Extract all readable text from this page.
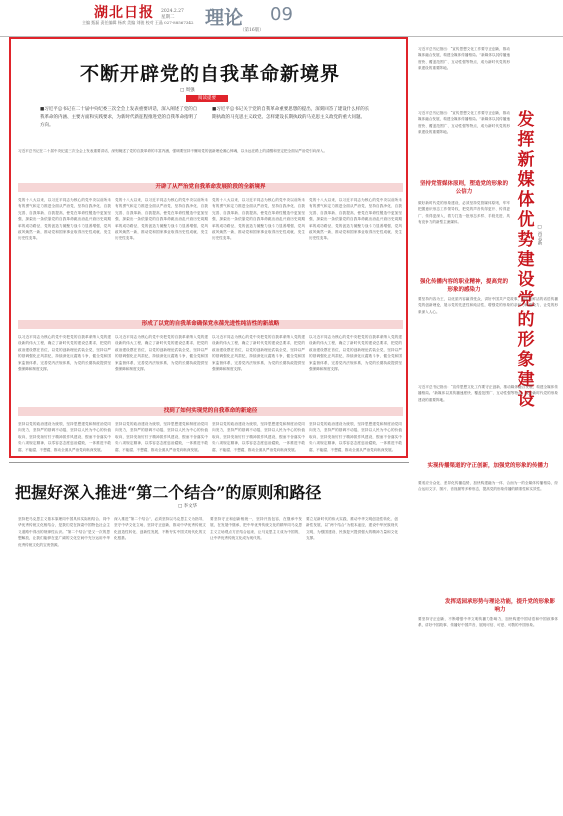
湖北日报
主编 甄磊 责任编辑 杨欢 美编 刘骏 校对 王晶 027-88567342
2024.2.27
星期二	理论 09
（第16版）
不断开辟党的自我革命新境界
□ 周强
阅读提要
■习近平总书记在二十届中央纪委三次全会上发表重要讲话，深入阐述了党的自我革命的内涵、主要方面和实践要求，为新时代新征程推进党的自我革命指明了方向。
■习近平总书记关于党的自我革命重要思想的提出，深刻回答了建设什么样的长期执政的马克思主义政党、怎样建设长期执政的马克思主义政党的重大问题。
习近平总书记在二十届中央纪委三次全会上发表重要讲话，深刻阐述了党的自我革命的丰富内涵，强调要坚持不懈用党的创新理论凝心铸魂，以永远在路上的清醒和坚定把全面从严治党引向深入。
开辟了从严治党自我革命发展阶段的全新境界
党的十八大以来，以习近平同志为核心的党中央以前所未有的勇气和定力推进全面从严治党，坚持自我净化、自我完善、自我革新、自我提高，使党在革命性锻造中更加坚强，探索出一条依靠党的自我革命跳出治乱兴衰历史周期率的成功路径，党的创造力凝聚力战斗力显著增强，党风政风焕然一新，推动党和国家事业取得历史性成就、发生历史性变革。
党的十八大以来，以习近平同志为核心的党中央以前所未有的勇气和定力推进全面从严治党，坚持自我净化、自我完善、自我革新、自我提高，使党在革命性锻造中更加坚强，探索出一条依靠党的自我革命跳出治乱兴衰历史周期率的成功路径，党的创造力凝聚力战斗力显著增强，党风政风焕然一新，推动党和国家事业取得历史性成就、发生历史性变革。
党的十八大以来，以习近平同志为核心的党中央以前所未有的勇气和定力推进全面从严治党，坚持自我净化、自我完善、自我革新、自我提高，使党在革命性锻造中更加坚强，探索出一条依靠党的自我革命跳出治乱兴衰历史周期率的成功路径，党的创造力凝聚力战斗力显著增强，党风政风焕然一新，推动党和国家事业取得历史性成就、发生历史性变革。
党的十八大以来，以习近平同志为核心的党中央以前所未有的勇气和定力推进全面从严治党，坚持自我净化、自我完善、自我革新、自我提高，使党在革命性锻造中更加坚强，探索出一条依靠党的自我革命跳出治乱兴衰历史周期率的成功路径，党的创造力凝聚力战斗力显著增强，党风政风焕然一新，推动党和国家事业取得历史性成就、发生历史性变革。
形成了以党的自我革命确保党永葆先进性纯洁性的新战略
以习近平同志为核心的党中央把党的自我革命纳入党的建设新的伟大工程，确立了新时代党的建设总要求，把党的政治建设摆在首位，以党的创新理论武装全党，坚持以严的基调强化正风肃纪，持续深化反腐败斗争，健全党和国家监督体系，完善党内法规体系，为党的长期执政提供坚强保障和制度支撑。
以习近平同志为核心的党中央把党的自我革命纳入党的建设新的伟大工程，确立了新时代党的建设总要求，把党的政治建设摆在首位，以党的创新理论武装全党，坚持以严的基调强化正风肃纪，持续深化反腐败斗争，健全党和国家监督体系，完善党内法规体系，为党的长期执政提供坚强保障和制度支撑。
以习近平同志为核心的党中央把党的自我革命纳入党的建设新的伟大工程，确立了新时代党的建设总要求，把党的政治建设摆在首位，以党的创新理论武装全党，坚持以严的基调强化正风肃纪，持续深化反腐败斗争，健全党和国家监督体系，完善党内法规体系，为党的长期执政提供坚强保障和制度支撑。
以习近平同志为核心的党中央把党的自我革命纳入党的建设新的伟大工程，确立了新时代党的建设总要求，把党的政治建设摆在首位，以党的创新理论武装全党，坚持以严的基调强化正风肃纪，持续深化反腐败斗争，健全党和国家监督体系，完善党内法规体系，为党的长期执政提供坚强保障和制度支撑。
找到了如何实现党的自我革命的新途径
坚持以党的政治建设为统领，坚持思想建党和制度治党同向发力，坚持严的基调不动摇，坚持以人民为中心的价值取向，坚持发扬钉钉子精神抓作风建设，锲而不舍落实中央八项规定精神，以零容忍态度惩治腐败，一体推进不敢腐、不能腐、不想腐，推动全面从严治党向纵深发展。
坚持以党的政治建设为统领，坚持思想建党和制度治党同向发力，坚持严的基调不动摇，坚持以人民为中心的价值取向，坚持发扬钉钉子精神抓作风建设，锲而不舍落实中央八项规定精神，以零容忍态度惩治腐败，一体推进不敢腐、不能腐、不想腐，推动全面从严治党向纵深发展。
坚持以党的政治建设为统领，坚持思想建党和制度治党同向发力，坚持严的基调不动摇，坚持以人民为中心的价值取向，坚持发扬钉钉子精神抓作风建设，锲而不舍落实中央八项规定精神，以零容忍态度惩治腐败，一体推进不敢腐、不能腐、不想腐，推动全面从严治党向纵深发展。
坚持以党的政治建设为统领，坚持思想建党和制度治党同向发力，坚持严的基调不动摇，坚持以人民为中心的价值取向，坚持发扬钉钉子精神抓作风建设，锲而不舍落实中央八项规定精神，以零容忍态度惩治腐败，一体推进不敢腐、不能腐、不想腐，推动全面从严治党向纵深发展。
习近平总书记指出：“宣传思想文化工作要守正创新，推动媒体融合发展，构建全媒体传播格局。”新媒体以其传播速度快、覆盖范围广、互动性强等特点，成为新时代党的形象建设的重要阵地。
发挥新媒体优势建设党的形象建设
□ 肖志新
习近平总书记指出：“宣传思想文化工作要守正创新，推动媒体融合发展，构建全媒体传播格局。”新媒体以其传播速度快、覆盖范围广、互动性强等特点，成为新时代党的形象建设的重要阵地。
坚持党管媒体原则，塑造党的形象的公信力
做好新时代党的形象建设，必须坚持党管媒体原则，牢牢把握意识形态工作领导权，把党的声音传得更开、传得更广、传得更深入，着力打造一批形态多样、手段先进、具有竞争力的新型主流媒体。
强化传播内容的职业精神，提高党的形象的感染力
要坚持内容为王，以优质内容赢得受众，讲好中国共产党故事，用生动鲜活的话语传播党的创新理论，展示党的先进性和纯洁性，增强党的形象的亲和力和感染力，让党的形象深入人心。
习近平总书记指出：“宣传思想文化工作要守正创新，推动媒体融合发展，构建全媒体传播格局。”新媒体以其传播速度快、覆盖范围广、互动性强等特点，成为新时代党的形象建设的重要阵地。
实现传播渠道的守正创新，加强党的形象的传播力
要适应分众化、差异化传播趋势，加快构建融为一体、合而为一的全媒体传播格局，综合运用文字、图片、音视频等多种形态，提高党的形象传播的精准性和实效性。
把握好深入推进“第二个结合”的原则和路径
□ 李文华
坚持把马克思主义基本原理同中国具体实际相结合、同中华优秀传统文化相结合，是我们党在探索中国特色社会主义道路中得出的规律性认识。“第二个结合”是又一次的思想解放，让我们能够在更广阔的文化空间中充分运用中华优秀传统文化的宝贵资源。
深入推进“第二个结合”，必须坚持以马克思主义为指导，坚守中华文化立场，坚持守正创新，推动中华优秀传统文化创造性转化、创新性发展，不断夯实中国式现代化的文化根基。
要坚持守正和创新相统一，坚持开放包容，在继承中发展，在发展中继承，把中华优秀传统文化的精华同马克思主义立场观点方法结合起来，让马克思主义成为中国的，让中华优秀传统文化成为现代的。
要立足新时代的伟大实践，推动中华文明创造性转化、创新性发展，以“两个结合”为根本途径，建设中华民族现代文明，为强国建设、民族复兴提供强大的精神力量和文化支撑。
发挥适园承形势与理论功能，提升党的形象影响力
要坚持守正创新，不断增强中华文明传播力影响力，加快构建中国话语和中国叙事体系，讲好中国故事、传播好中国声音，展现可信、可爱、可敬的中国形象。
